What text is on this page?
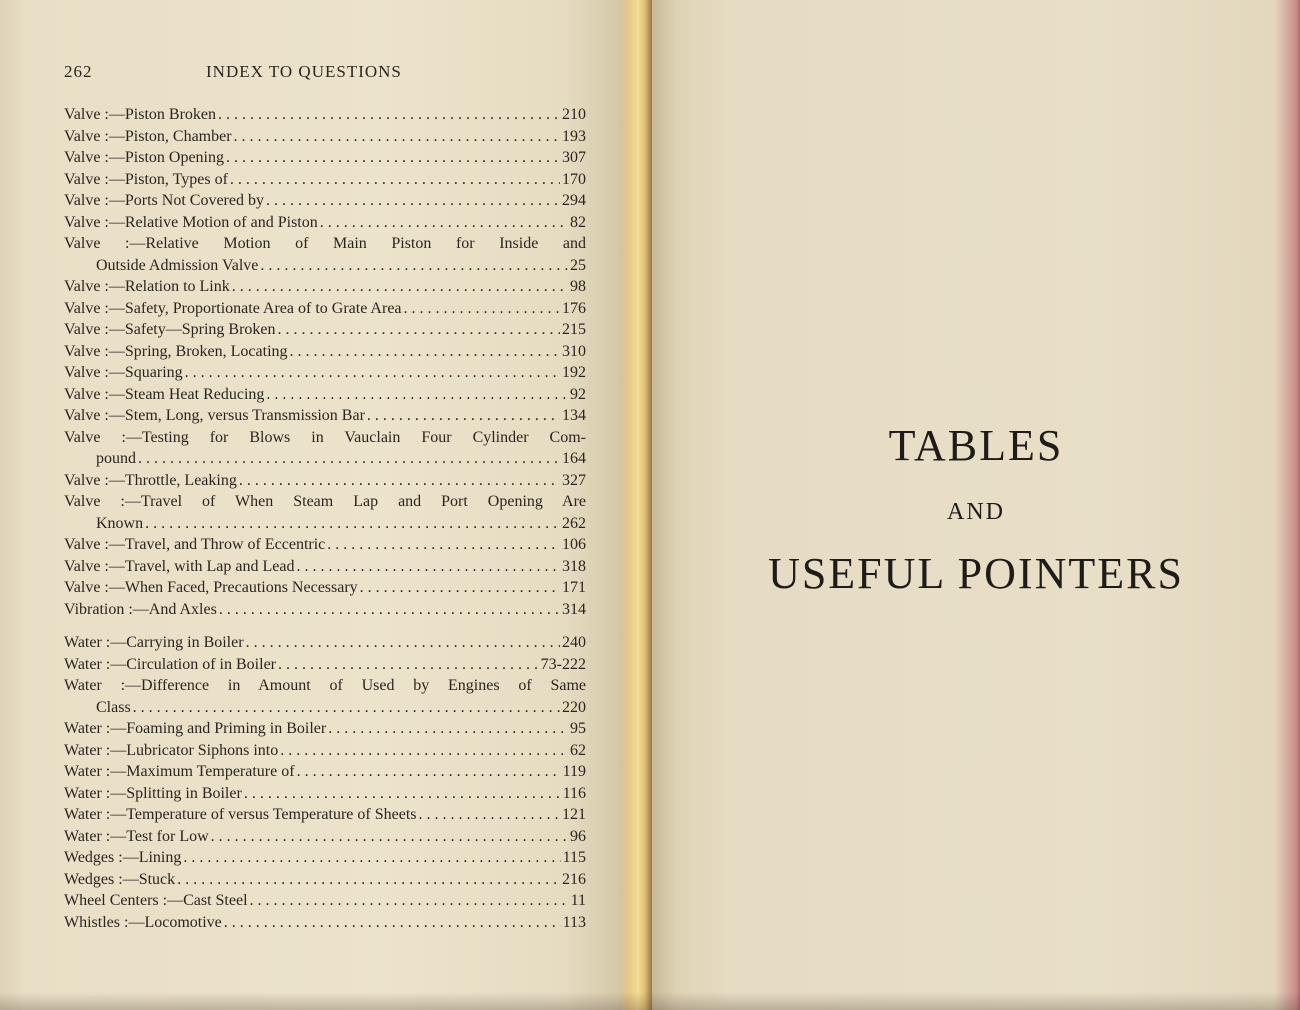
262	INDEX TO QUESTIONS
Valve :—Piston Broken . . .	210
Valve :—Piston, Chamber . . .	193
Valve :—Piston Opening . . .	307
Valve :—Piston, Types of . . .	170
Valve :—Ports Not Covered by . . .	294
Valve :—Relative Motion of and Piston . . .	82
Valve :—Relative Motion of Main Piston for Inside and
Outside Admission Valve . . .	25
Valve :—Relation to Link . . .	98
Valve :—Safety, Proportionate Area of to Grate Area . . .	176
Valve :—Safety—Spring Broken . . .	215
Valve :—Spring, Broken, Locating . . .	310
Valve :—Squaring . . .	192
Valve :—Steam Heat Reducing . . .	92
Valve :—Stem, Long, versus Transmission Bar . . .	134
Valve :—Testing for Blows in Vauclain Four Cylinder Com-
pound . . .	164
Valve :—Throttle, Leaking . . .	327
Valve :—Travel of When Steam Lap and Port Opening Are
Known . . .	262
Valve :—Travel, and Throw of Eccentric . . .	106
Valve :—Travel, with Lap and Lead . . .	318
Valve :—When Faced, Precautions Necessary . . .	171
Vibration :—And Axles . . .	314
Water :—Carrying in Boiler . . .	240
Water :—Circulation of in Boiler . . .	73-222
Water :—Difference in Amount of Used by Engines of Same
Class . . .	220
Water :—Foaming and Priming in Boiler . . .	95
Water :—Lubricator Siphons into . . .	62
Water :—Maximum Temperature of . . .	119
Water :—Splitting in Boiler . . .	116
Water :—Temperature of versus Temperature of Sheets . . .	121
Water :—Test for Low . . .	96
Wedges :—Lining . . .	115
Wedges :—Stuck . . .	216
Wheel Centers :—Cast Steel . . .	11
Whistles :—Locomotive . . .	113
TABLES
AND
USEFUL POINTERS
